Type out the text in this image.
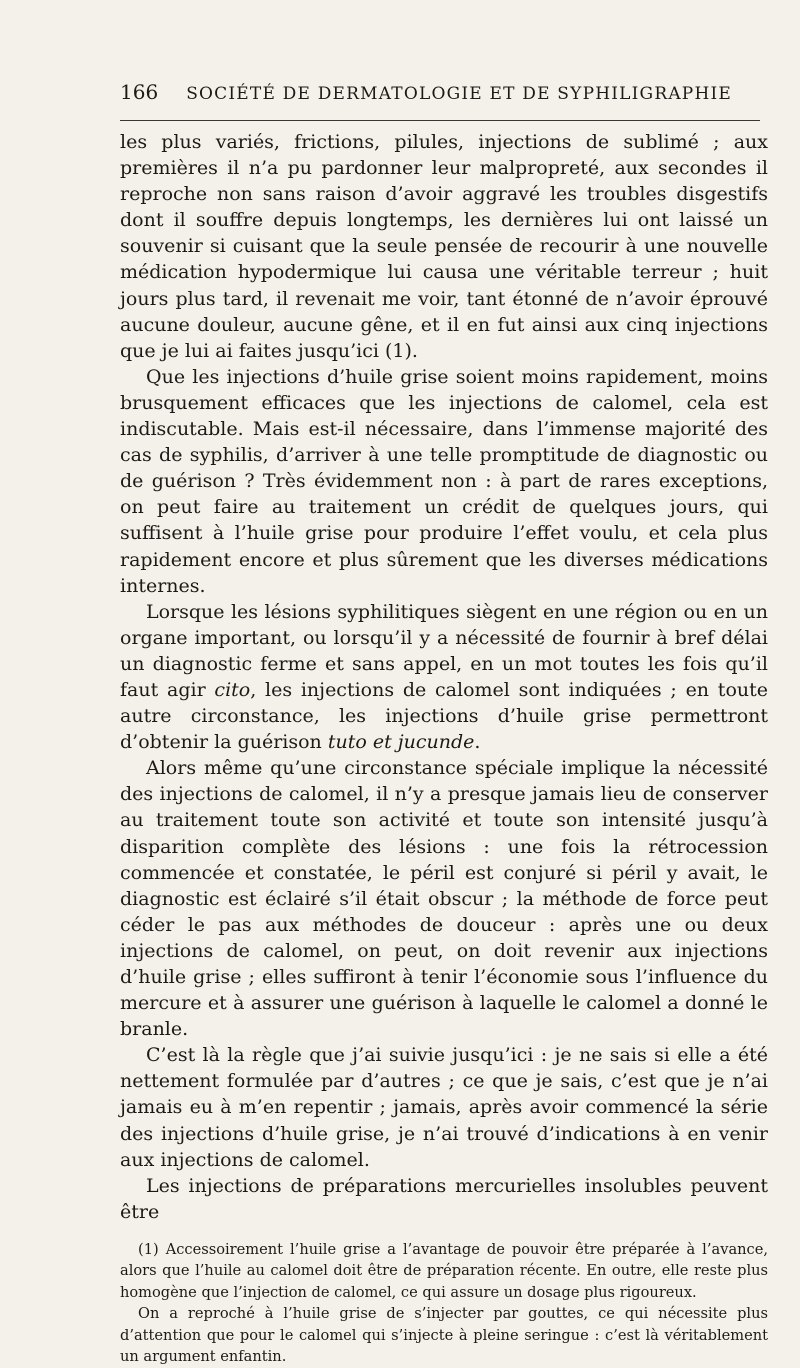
166 SOCIÉTÉ DE DERMATOLOGIE ET DE SYPHILIGRAPHIE

les plus variés, frictions, pilules, injections de sublimé ; aux premières il n’a pu pardonner leur malpropreté, aux secondes il reproche non sans raison d’avoir aggravé les troubles disgestifs dont il souffre depuis longtemps, les dernières lui ont laissé un souvenir si cuisant que la seule pensée de recourir à une nouvelle médication hypodermique lui causa une véritable terreur ; huit jours plus tard, il revenait me voir, tant étonné de n’avoir éprouvé aucune douleur, aucune gêne, et il en fut ainsi aux cinq injections que je lui ai faites jusqu’ici (1).

Que les injections d’huile grise soient moins rapidement, moins brusquement efficaces que les injections de calomel, cela est indiscutable. Mais est-il nécessaire, dans l’immense majorité des cas de syphilis, d’arriver à une telle promptitude de diagnostic ou de guérison ? Très évidemment non : à part de rares exceptions, on peut faire au traitement un crédit de quelques jours, qui suffisent à l’huile grise pour produire l’effet voulu, et cela plus rapidement encore et plus sûrement que les diverses médications internes.

Lorsque les lésions syphilitiques siègent en une région ou en un organe important, ou lorsqu’il y a nécessité de fournir à bref délai un diagnostic ferme et sans appel, en un mot toutes les fois qu’il faut agir cito, les injections de calomel sont indiquées ; en toute autre circonstance, les injections d’huile grise permettront d’obtenir la guérison tuto et jucunde.

Alors même qu’une circonstance spéciale implique la nécessité des injections de calomel, il n’y a presque jamais lieu de conserver au traitement toute son activité et toute son intensité jusqu’à disparition complète des lésions : une fois la rétrocession commencée et constatée, le péril est conjuré si péril y avait, le diagnostic est éclairé s’il était obscur ; la méthode de force peut céder le pas aux méthodes de douceur : après une ou deux injections de calomel, on peut, on doit revenir aux injections d’huile grise ; elles suffiront à tenir l’économie sous l’influence du mercure et à assurer une guérison à laquelle le calomel a donné le branle.

C’est là la règle que j’ai suivie jusqu’ici : je ne sais si elle a été nettement formulée par d’autres ; ce que je sais, c’est que je n’ai jamais eu à m’en repentir ; jamais, après avoir commencé la série des injections d’huile grise, je n’ai trouvé d’indications à en venir aux injections de calomel.

Les injections de préparations mercurielles insolubles peuvent être

(1) Accessoirement l’huile grise a l’avantage de pouvoir être préparée à l’avance, alors que l’huile au calomel doit être de préparation récente. En outre, elle reste plus homogène que l’injection de calomel, ce qui assure un dosage plus rigoureux.

On a reproché à l’huile grise de s’injecter par gouttes, ce qui nécessite plus d’attention que pour le calomel qui s’injecte à pleine seringue : c’est là véritablement un argument enfantin.
